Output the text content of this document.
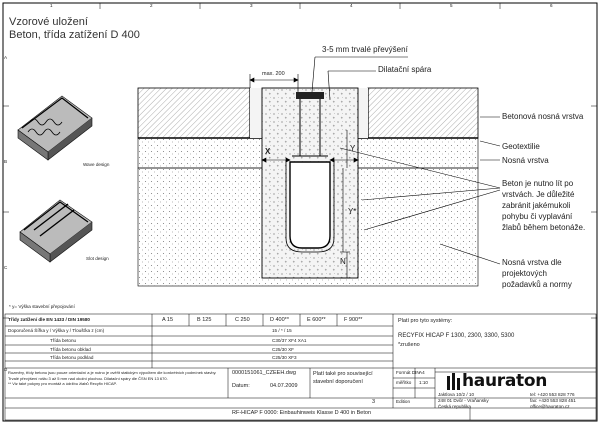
Vzorové uložení
Beton, třída zatížení D 400
Wave design
Slot design
* y= Výška stavební přepojování
max. 200
X	Y
Y*
N
3-5 mm trvalé převýšení
Dilatační spára
Betonová nosná vrstva
Geotextilie
Nosná vrstva
Beton je nutno lít po
vrstvách. Je důležité
zabránit jakémukoli
pohybu či vyplavání
žlabů během betonáže.
Nosná vrstva dle
projektových
požadavků a normy
Třídy zatížení dle EN 1433 / DIN 19580	A 15	B 125	C 250	D 400**	E 600**	F 900**
Doporučená Šířka y / Výška y / Tloušťka z (cm)	15 / * / 15
Třída betonu	C30/37 XF4 XA1
Třída betonu obklad	C25/30 XF
Třída betonu podklad	C25/30 XF3
Rozměry, třídy betonu jsou pouze orientační a je nutno je ověřit statickým výpočtem dle konkrétních podmínek stavby.
Trvalé převýšení roštu 3 až 5 mm nad okolní plochou. Dilatační spáry dle ČSN EN 13 670.
** Viz také pokyny pro montáž a údržbu žlabů Recyfix HICAP.
0000151061_CZEEH.dwg
Datum:	04.07.2009
Platí také pro související
stavební doporučení
3
RF-HICAP F 0000: Einbauhinweis Klasse D 400 in Beton
Platí pro tyto systémy:
RECYFIX HICAP F 1300, 2300, 3300, 5300
*zrušeno
Formát DIN A4
měřítko 1:10
Edition
hauraton
Jaktlova 10/2 / 10
248 01 Dvůr - Vraňansky
Česká republika
tel: +420 553 828 776
fax: +420 553 828 451
office@hauraton.cz
1	2	3	4	5	6
A
B
C
D
